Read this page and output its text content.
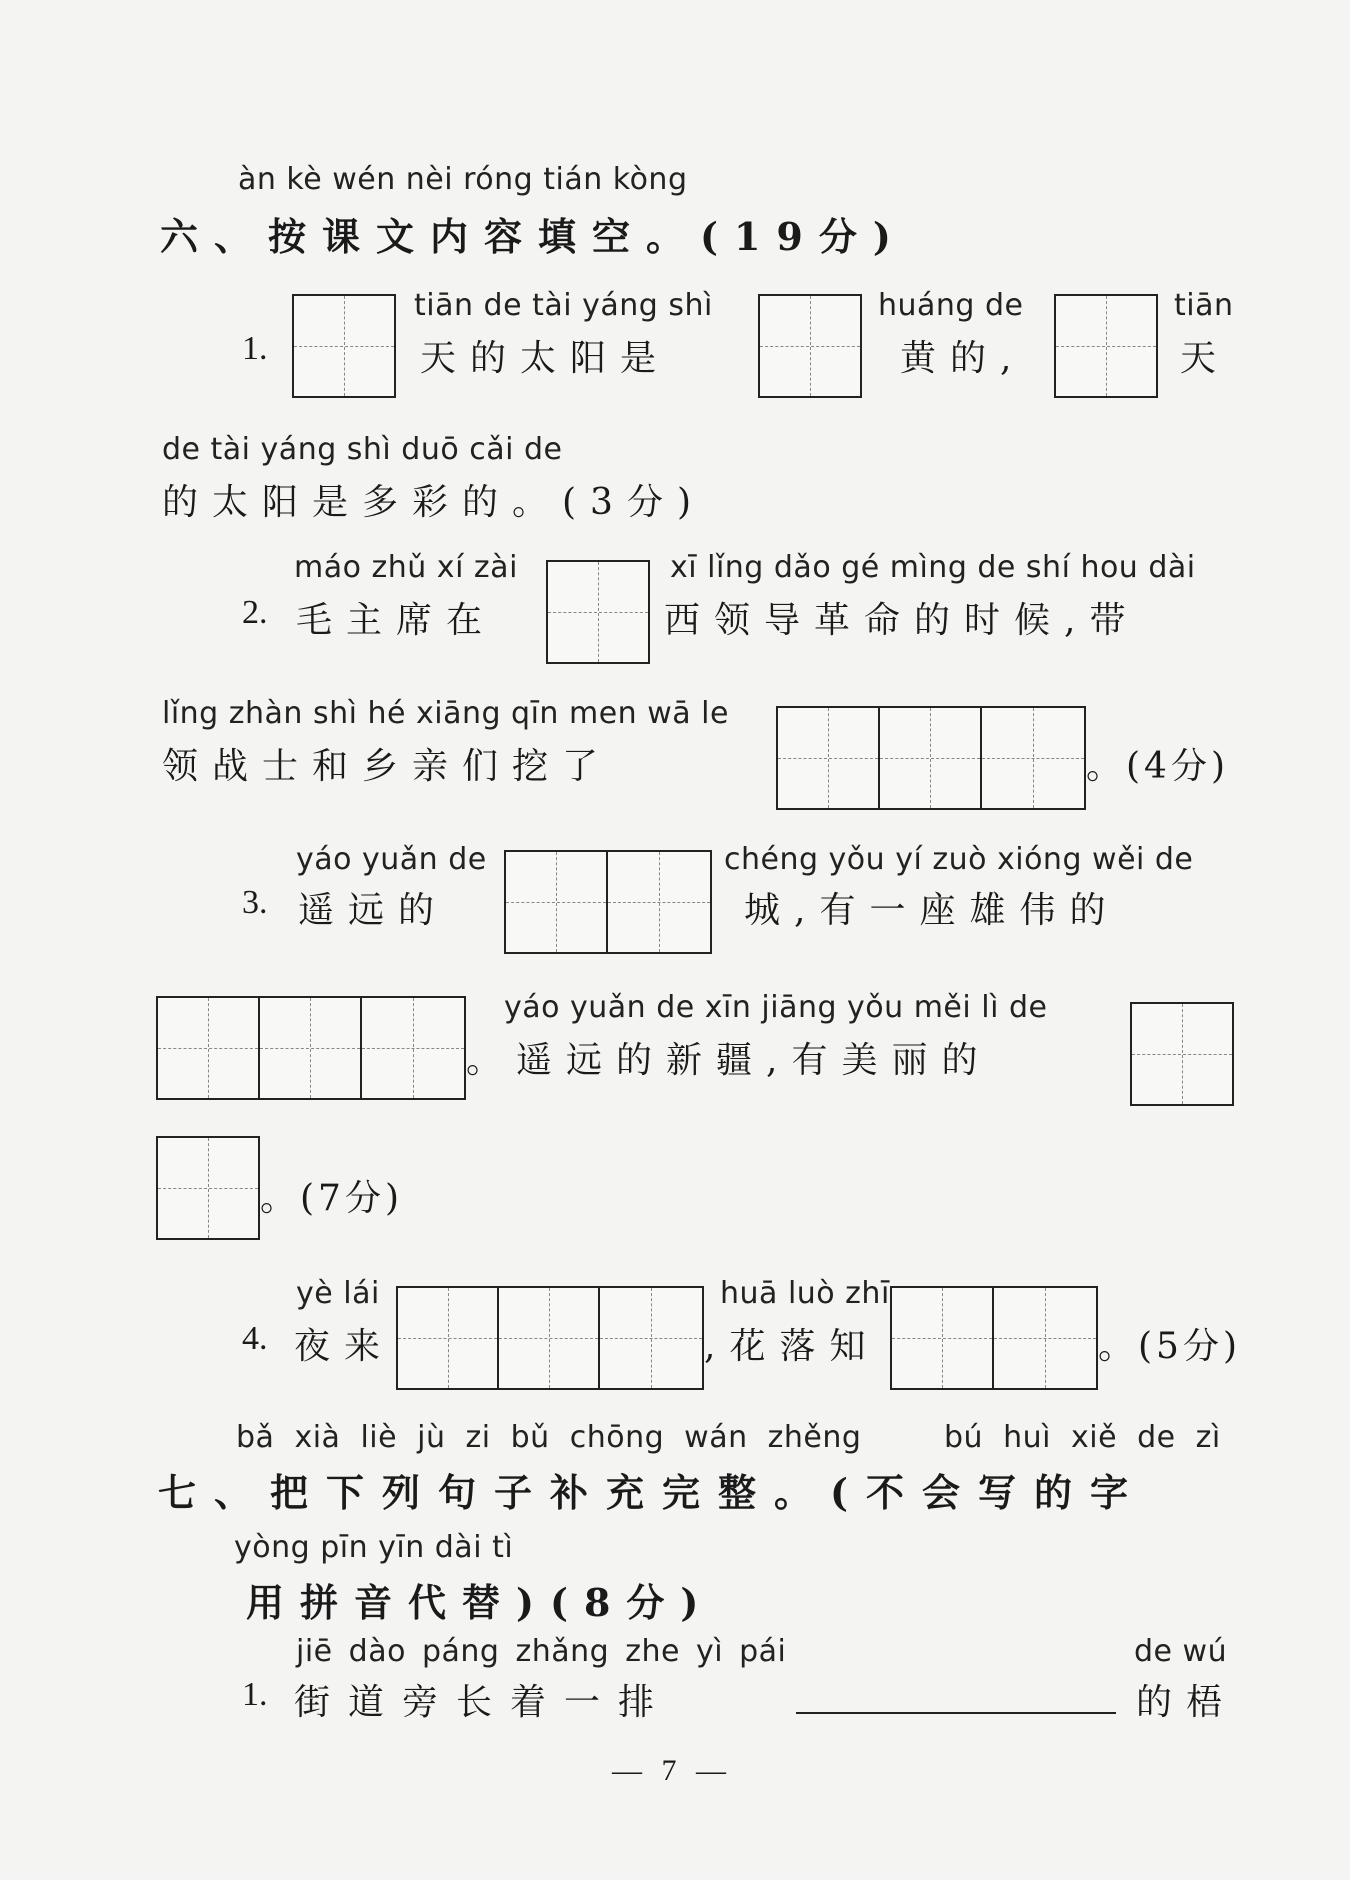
àn kè wén nèi róng tián kòng
六、按课文内容填空。(19分)
1.
tiān de tài yáng shì
天的太阳是
huáng de
黄的,
tiān
天
de tài yáng shì duō cǎi de
的太阳是多彩的。(3分)
máo zhǔ xí zài
2. 毛主席在
xī lǐng dǎo gé mìng de shí hou dài
西领导革命的时候,带
lǐng zhàn shì hé xiāng qīn men wā le
领战士和乡亲们挖了	。(4分)
yáo yuǎn de
3. 遥远的
chéng yǒu yí zuò xióng wěi de
城,有一座雄伟的
yáo yuǎn de xīn jiāng yǒu měi lì de
。遥远的新疆,有美丽的
。(7分)
yè lái
4. 夜来
huā luò zhī
,花落知	。(5分)
bǎ xià liè jù zi bǔ chōng wán zhěng	bú huì xiě de zì
七、把下列句子补充完整。(不会写的字
yòng pīn yīn dài tì
用拼音代替)(8分)
jiē dào páng zhǎng zhe yì pái
1. 街道旁长着一排
de wú
的梧
— 7 —
